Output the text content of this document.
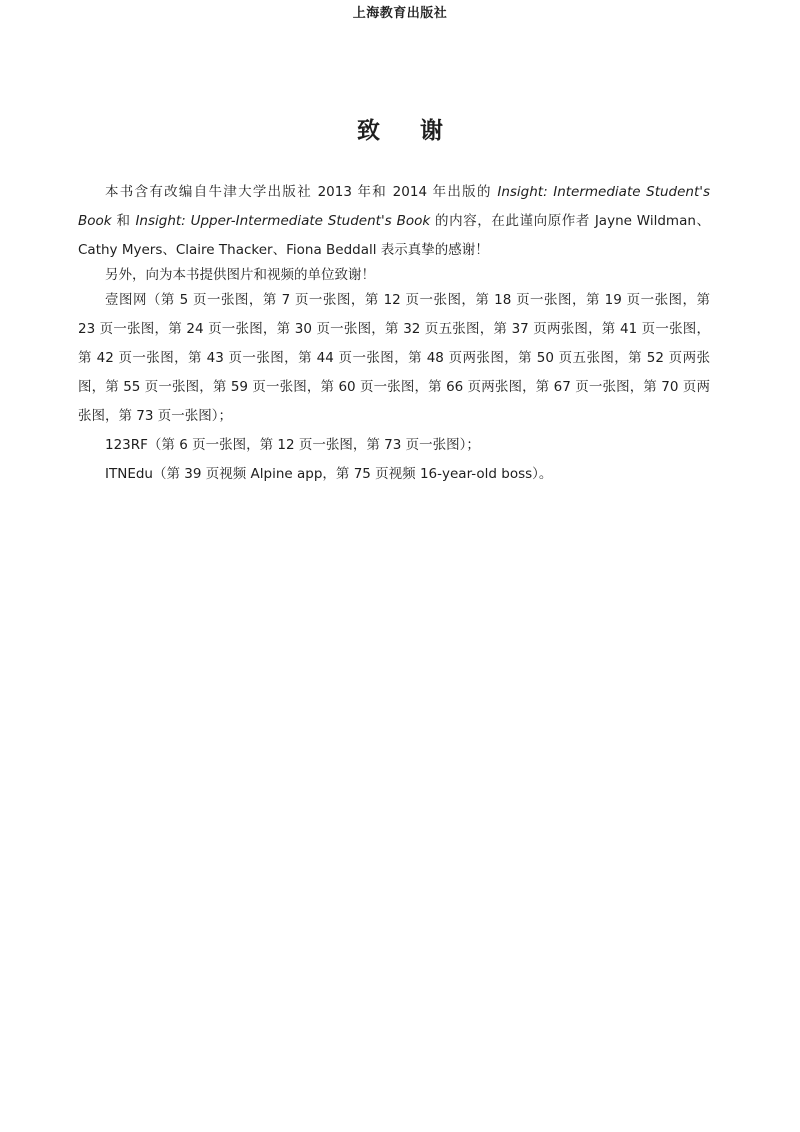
上海教育出版社
致 谢

本书含有改编自牛津大学出版社 2013 年和 2014 年出版的 Insight: Intermediate Student's Book 和 Insight: Upper-Intermediate Student's Book 的内容，在此谨向原作者 Jayne Wildman、Cathy Myers、Claire Thacker、Fiona Beddall 表示真挚的感谢！

另外，向为本书提供图片和视频的单位致谢！

壹图网（第 5 页一张图，第 7 页一张图，第 12 页一张图，第 18 页一张图，第 19 页一张图，第 23 页一张图，第 24 页一张图，第 30 页一张图，第 32 页五张图，第 37 页两张图，第 41 页一张图，第 42 页一张图，第 43 页一张图，第 44 页一张图，第 48 页两张图，第 50 页五张图，第 52 页两张图，第 55 页一张图，第 59 页一张图，第 60 页一张图，第 66 页两张图，第 67 页一张图，第 70 页两张图，第 73 页一张图）；

123RF（第 6 页一张图，第 12 页一张图，第 73 页一张图）；

ITNEdu（第 39 页视频 Alpine app，第 75 页视频 16-year-old boss）。
